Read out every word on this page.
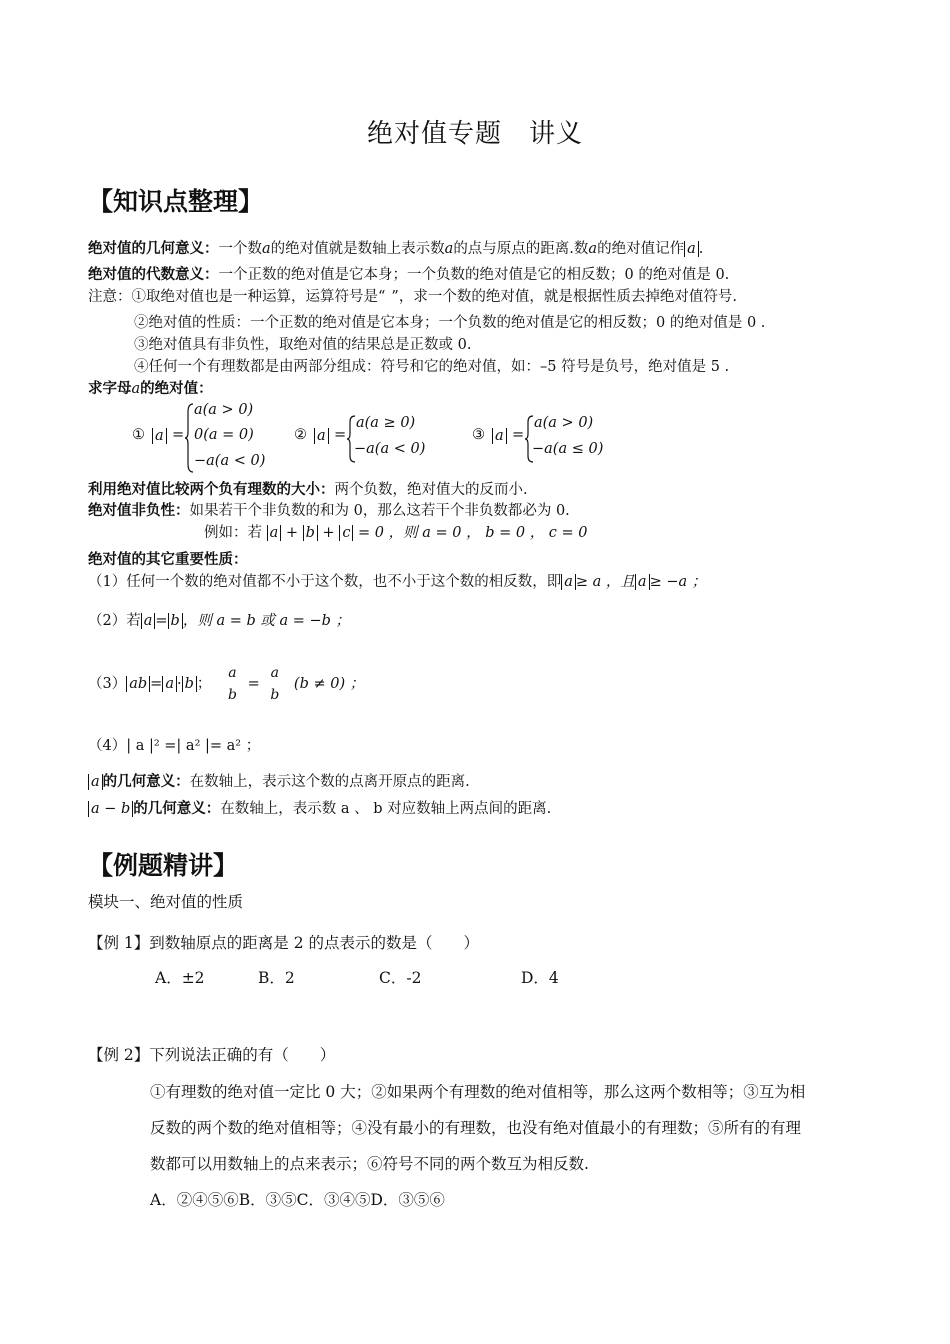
绝对值专题　讲义
【知识点整理】
绝对值的几何意义：一个数a的绝对值就是数轴上表示数a的点与原点的距离.数a的绝对值记作 a .
绝对值的代数意义：一个正数的绝对值是它本身；一个负数的绝对值是它的相反数；0 的绝对值是 0.
注意：①取绝对值也是一种运算，运算符号是“ ”，求一个数的绝对值，就是根据性质去掉绝对值符号.
②绝对值的性质：一个正数的绝对值是它本身；一个负数的绝对值是它的相反数；0 的绝对值是 0 .
③绝对值具有非负性，取绝对值的结果总是正数或 0.
④任何一个有理数都是由两部分组成：符号和它的绝对值，如：–5 符号是负号，绝对值是 5 .
求字母a的绝对值：
① a =
a(a > 0)
0(a = 0)
−a(a < 0)
② a =
a(a ≥ 0)
−a(a < 0)
③ a =
a(a > 0)
−a(a ≤ 0)
利用绝对值比较两个负有理数的大小：两个负数，绝对值大的反而小.
绝对值非负性：如果若干个非负数的和为 0，那么这若干个非负数都必为 0.
例如：若 a + b + c = 0 ，则 a = 0 ， b = 0 ， c = 0
绝对值的其它重要性质：
（1）任何一个数的绝对值都不小于这个数，也不小于这个数的相反数，即 a ≥ a ，且 a ≥ −a ；
（2）若 a = b ，则 a = b 或 a = −b ；
（3） ab = a · b ；
a
b
=
a
b
(b ≠ 0) ；
（4）| a |² =| a² |= a² ；
a 的几何意义：在数轴上，表示这个数的点离开原点的距离.
a − b 的几何意义：在数轴上，表示数 a 、 b 对应数轴上两点间的距离.
【例题精讲】
模块一、绝对值的性质
【例 1】到数轴原点的距离是 2 的点表示的数是（　　）
A．±2	B．2	C．-2	D．4
【例 2】下列说法正确的有（　　）
①有理数的绝对值一定比 0 大；②如果两个有理数的绝对值相等，那么这两个数相等；③互为相
反数的两个数的绝对值相等；④没有最小的有理数，也没有绝对值最小的有理数；⑤所有的有理
数都可以用数轴上的点来表示；⑥符号不同的两个数互为相反数.
A．②④⑤⑥B．③⑤C．③④⑤D．③⑤⑥
